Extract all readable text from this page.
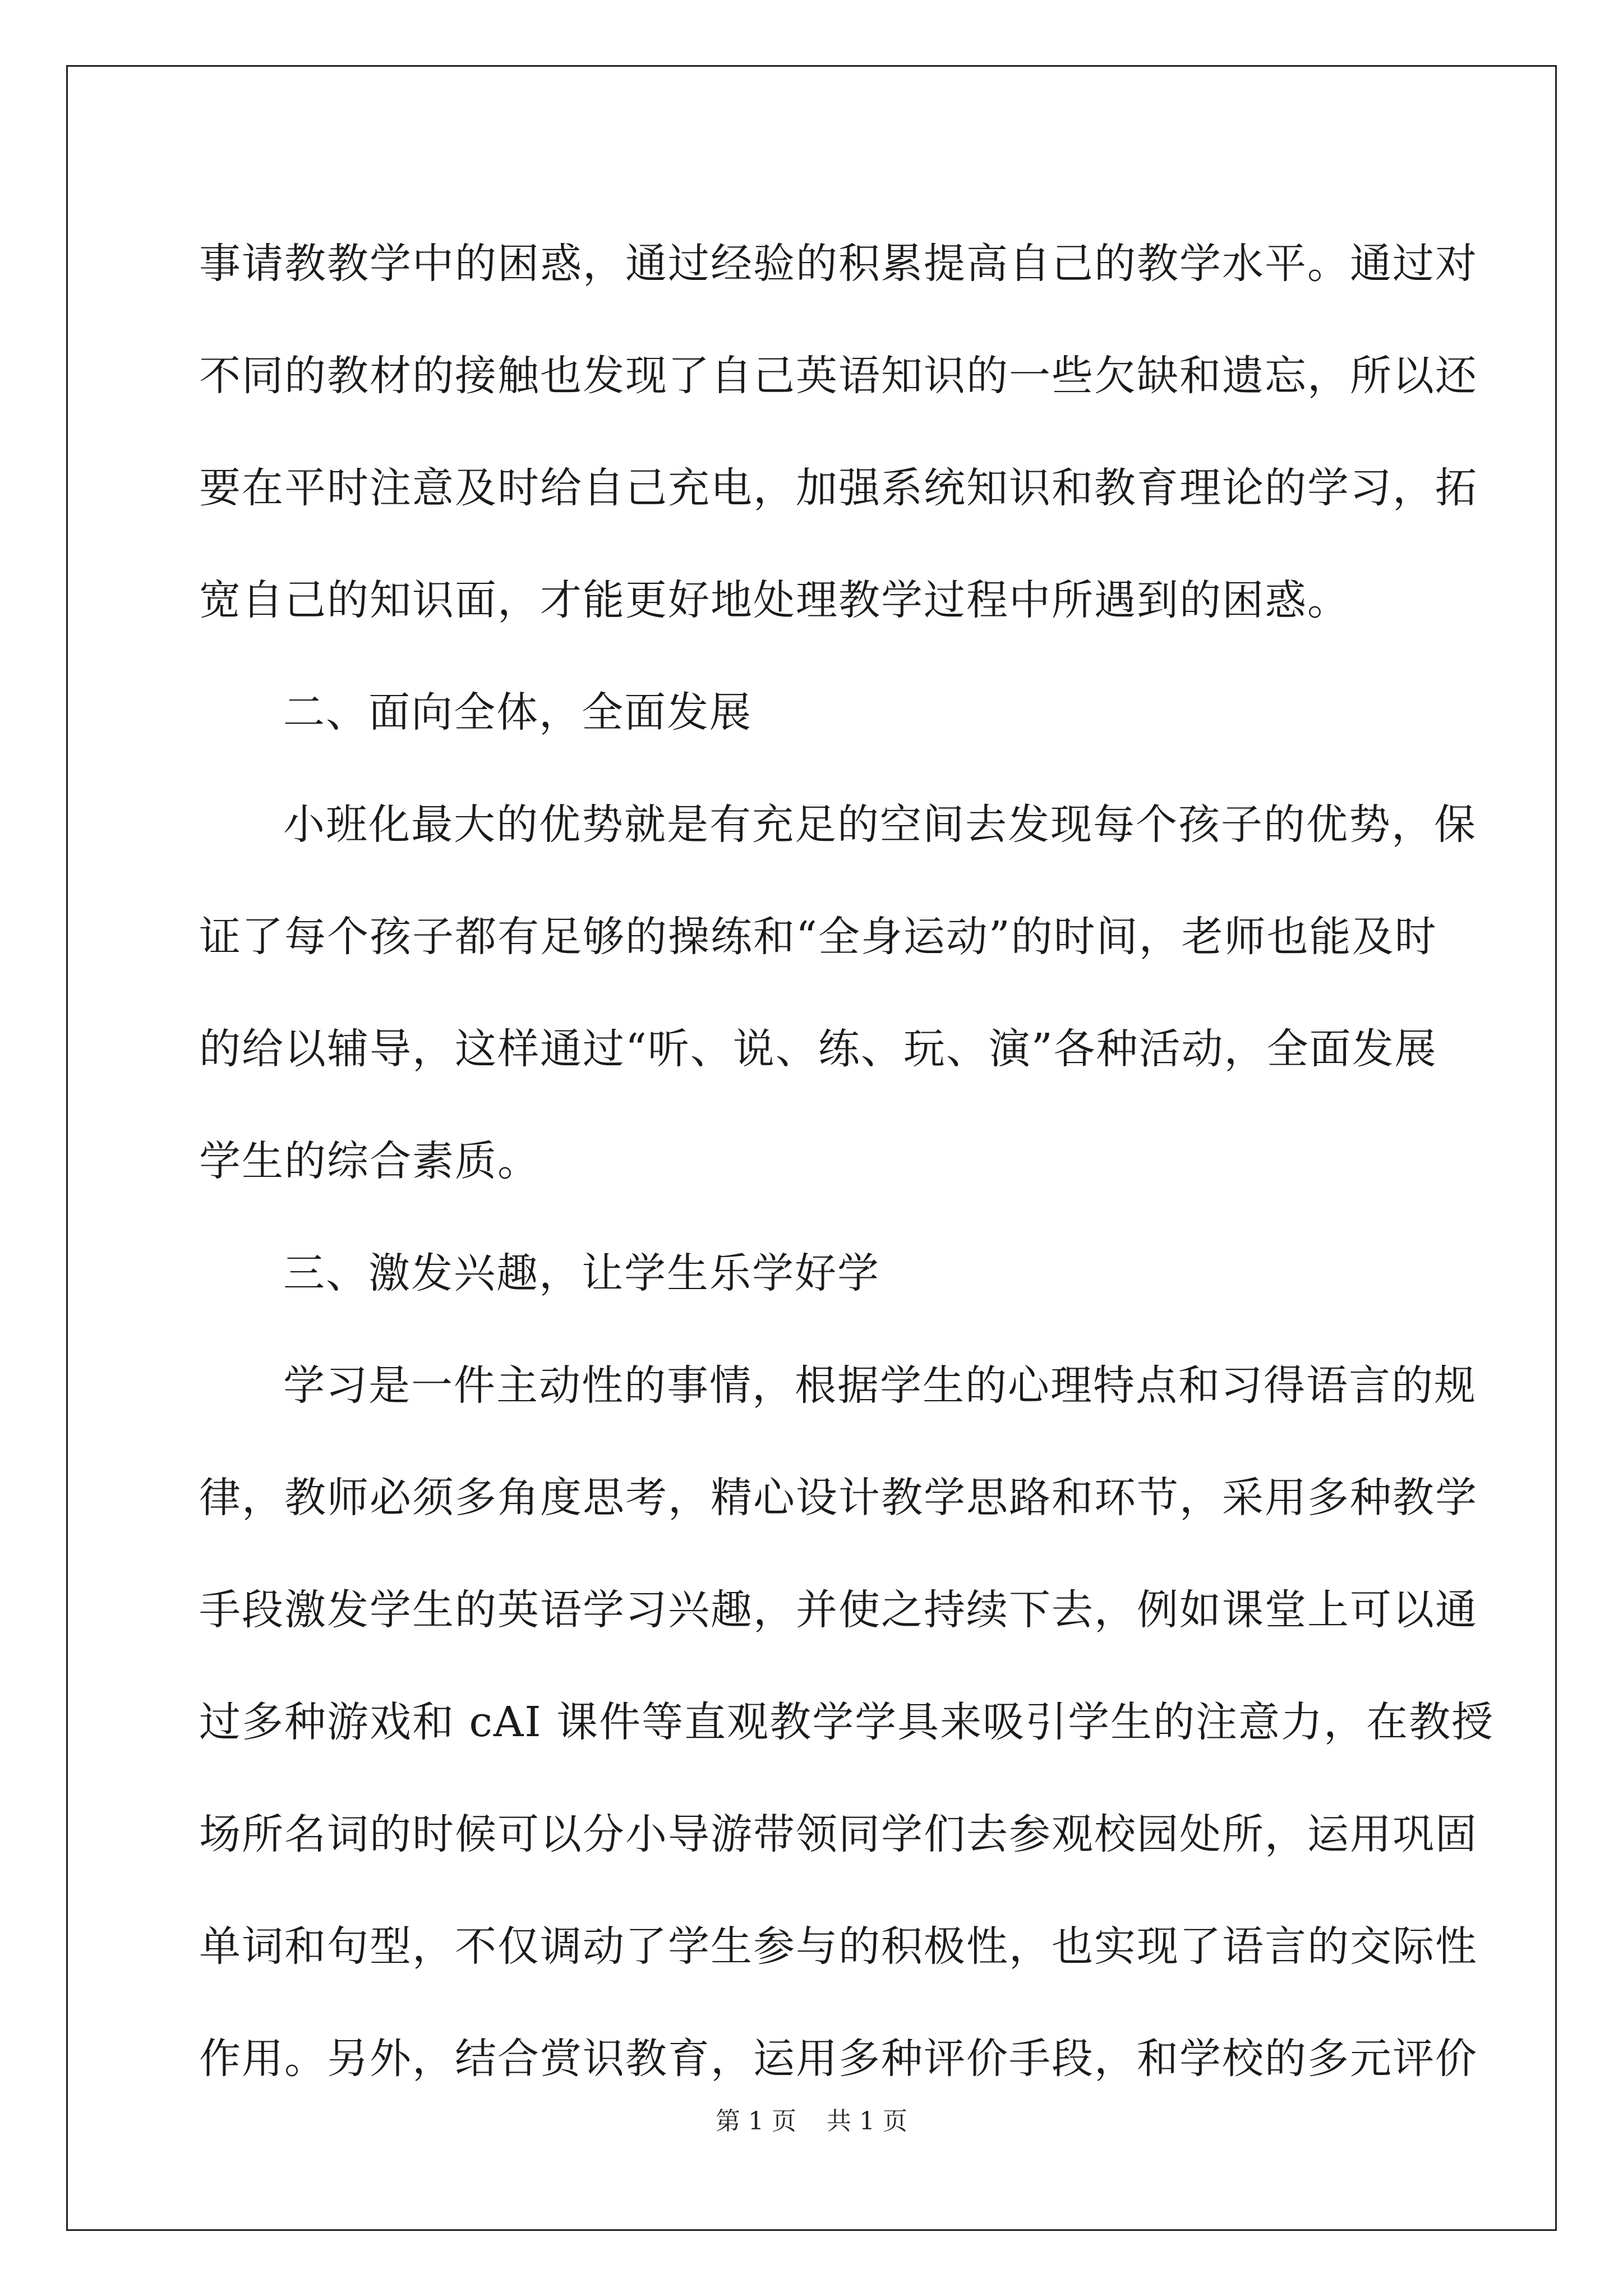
事请教教学中的困惑，通过经验的积累提高自己的教学水平。通过对
不同的教材的接触也发现了自己英语知识的一些欠缺和遗忘，所以还
要在平时注意及时给自己充电，加强系统知识和教育理论的学习，拓
宽自己的知识面，才能更好地处理教学过程中所遇到的困惑。
二、面向全体，全面发展
小班化最大的优势就是有充足的空间去发现每个孩子的优势，保
证了每个孩子都有足够的操练和“全身运动”的时间，老师也能及时
的给以辅导，这样通过“听、说、练、玩、演”各种活动，全面发展
学生的综合素质。
三、激发兴趣，让学生乐学好学
学习是一件主动性的事情，根据学生的心理特点和习得语言的规
律，教师必须多角度思考，精心设计教学思路和环节，采用多种教学
手段激发学生的英语学习兴趣，并使之持续下去，例如课堂上可以通
过多种游戏和 cAI 课件等直观教学学具来吸引学生的注意力，在教授
场所名词的时候可以分小导游带领同学们去参观校园处所，运用巩固
单词和句型，不仅调动了学生参与的积极性，也实现了语言的交际性
作用。另外，结合赏识教育，运用多种评价手段，和学校的多元评价
第 1 页 共 1 页
